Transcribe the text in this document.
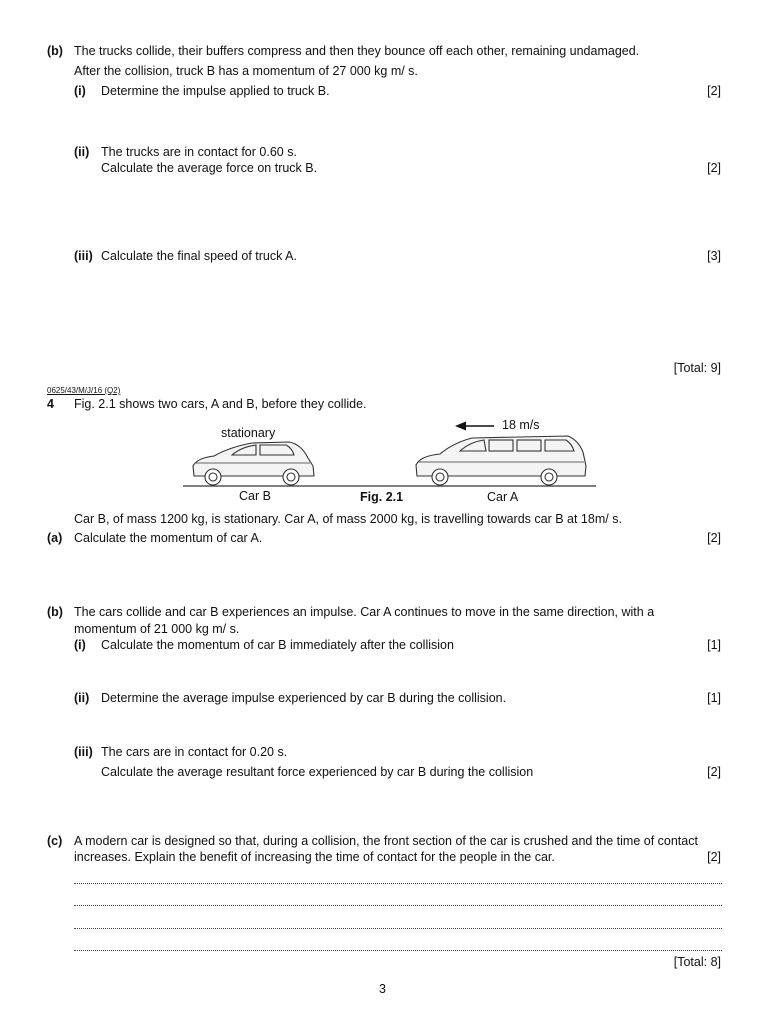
(b) The trucks collide, their buffers compress and then they bounce off each other, remaining undamaged.
After the collision, truck B has a momentum of 27 000 kg m/ s.
(i) Determine the impulse applied to truck B.	[2]
(ii) The trucks are in contact for 0.60 s.
Calculate the average force on truck B.	[2]
(iii) Calculate the final speed of truck A.	[3]
[Total: 9]
0625/43/M/J/16 (Q2)
4 Fig. 2.1 shows two cars, A and B, before they collide.
stationary
18 m/s
Car B	Fig. 2.1	Car A
Car B, of mass 1200 kg, is stationary. Car A, of mass 2000 kg, is travelling towards car B at 18m/ s.
(a) Calculate the momentum of car A.	[2]
(b) The cars collide and car B experiences an impulse. Car A continues to move in the same direction, with a
momentum of 21 000 kg m/ s.
(i) Calculate the momentum of car B immediately after the collision	[1]
(ii) Determine the average impulse experienced by car B during the collision.	[1]
(iii) The cars are in contact for 0.20 s.
Calculate the average resultant force experienced by car B during the collision	[2]
(c) A modern car is designed so that, during a collision, the front section of the car is crushed and the time of contact
increases. Explain the benefit of increasing the time of contact for the people in the car.	[2]
[Total: 8]
3
